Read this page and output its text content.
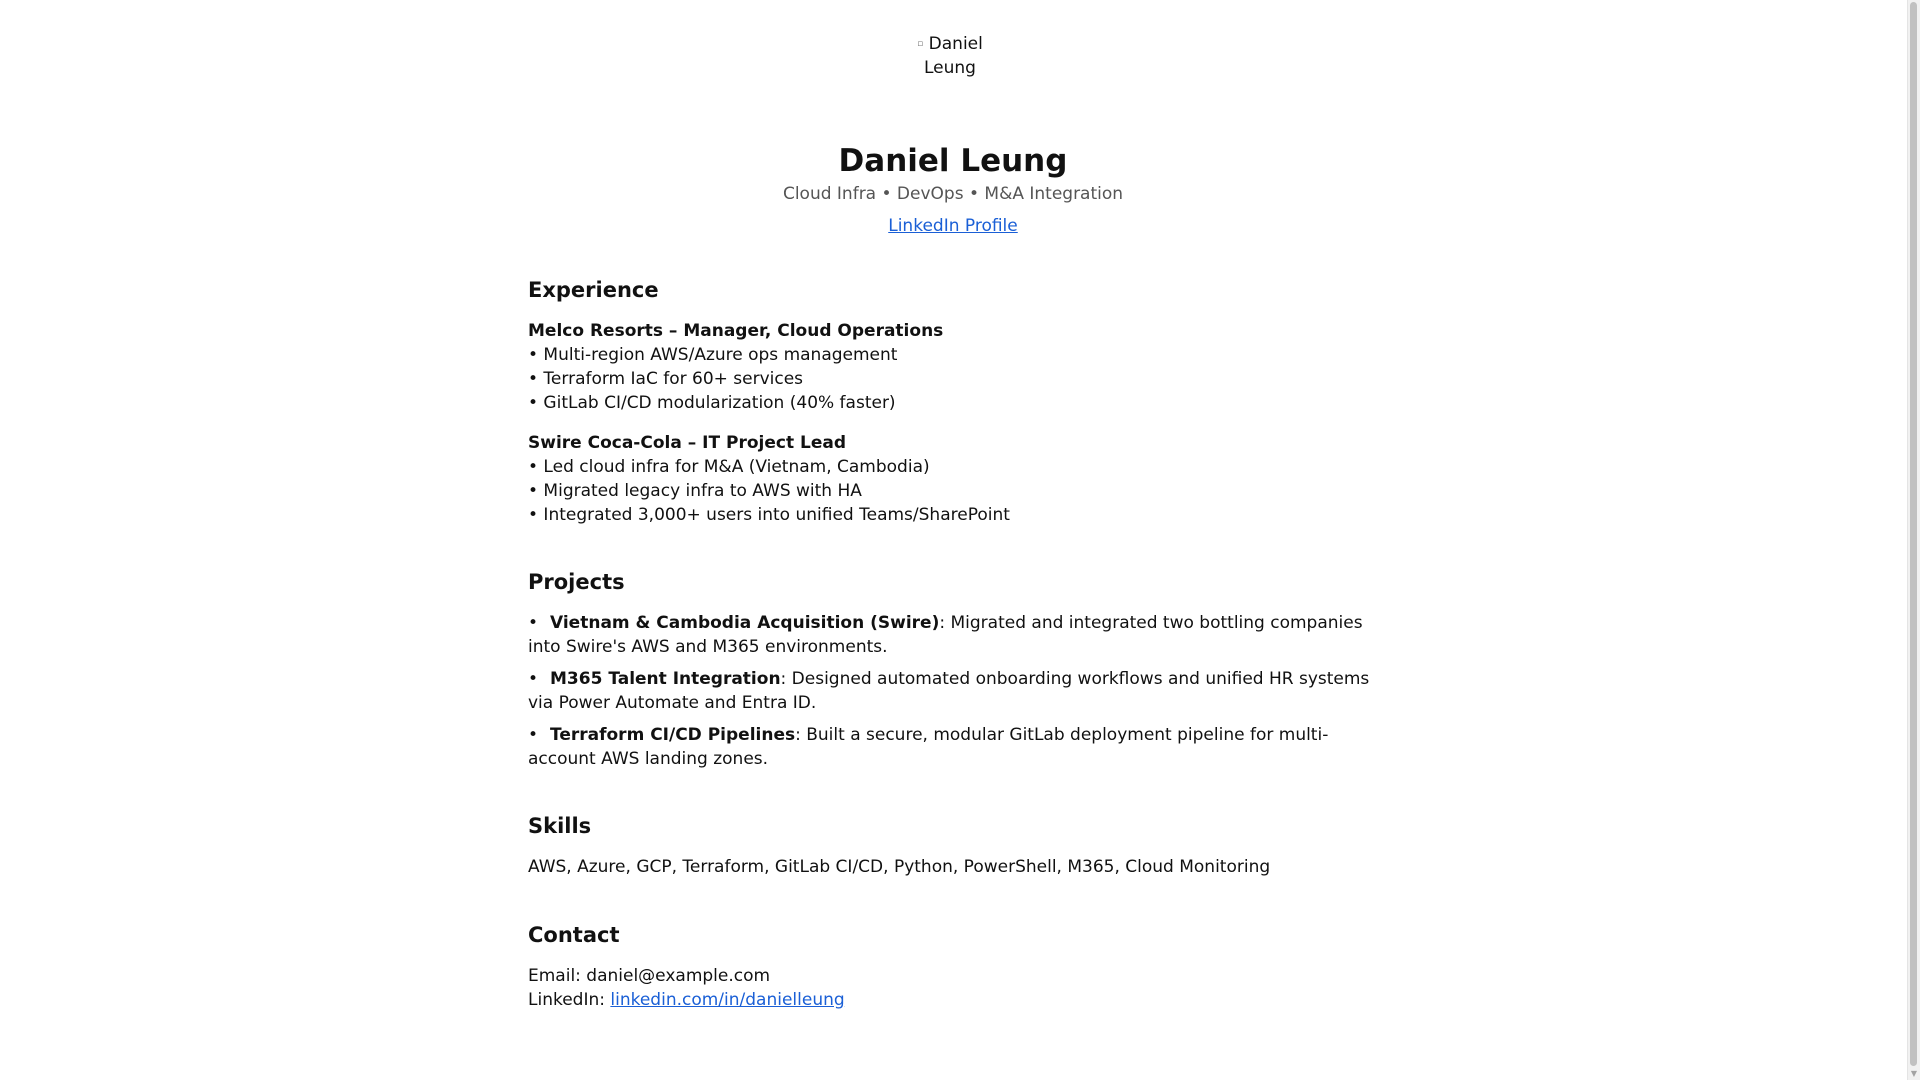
▫ Daniel Leung
Daniel Leung

Cloud Infra • DevOps • M&A Integration

LinkedIn Profile
Experience
Melco Resorts – Manager, Cloud Operations
• Multi-region AWS/Azure ops management
• Terraform IaC for 60+ services
• GitLab CI/CD modularization (40% faster)
Swire Coca-Cola – IT Project Lead
• Led cloud infra for M&A (Vietnam, Cambodia)
• Migrated legacy infra to AWS with HA
• Integrated 3,000+ users into unified Teams/SharePoint
Projects
• Vietnam & Cambodia Acquisition (Swire): Migrated and integrated two bottling companies into Swire's AWS and M365 environments.
• M365 Talent Integration: Designed automated onboarding workflows and unified HR systems via Power Automate and Entra ID.
• Terraform CI/CD Pipelines: Built a secure, modular GitLab deployment pipeline for multi-account AWS landing zones.
Skills
AWS, Azure, GCP, Terraform, GitLab CI/CD, Python, PowerShell, M365, Cloud Monitoring
Contact
Email: daniel@example.com
LinkedIn: linkedin.com/in/danielleung
▼
